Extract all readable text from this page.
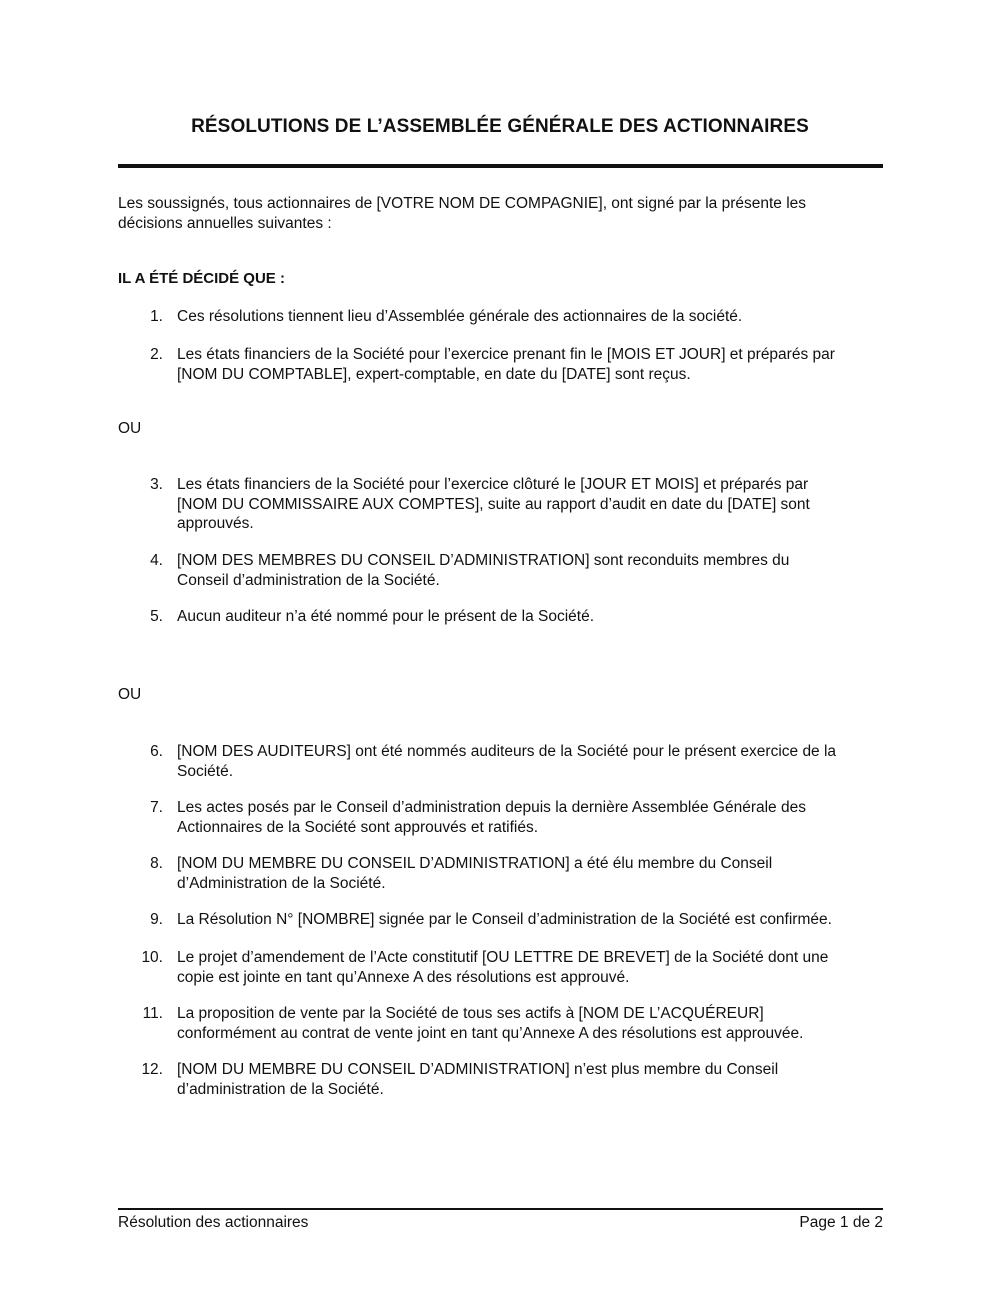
RÉSOLUTIONS DE L’ASSEMBLÉE GÉNÉRALE DES ACTIONNAIRES
Les soussignés, tous actionnaires de [VOTRE NOM DE COMPAGNIE], ont signé par la présente les
décisions annuelles suivantes :
IL A ÉTÉ DÉCIDÉ QUE :
1. Ces résolutions tiennent lieu d’Assemblée générale des actionnaires de la société.
2. Les états financiers de la Société pour l’exercice prenant fin le [MOIS ET JOUR] et préparés par
[NOM DU COMPTABLE], expert-comptable, en date du [DATE] sont reçus.
OU
3. Les états financiers de la Société pour l’exercice clôturé le [JOUR ET MOIS] et préparés par
[NOM DU COMMISSAIRE AUX COMPTES], suite au rapport d’audit en date du [DATE] sont
approuvés.
4. [NOM DES MEMBRES DU CONSEIL D’ADMINISTRATION] sont reconduits membres du
Conseil d’administration de la Société.
5. Aucun auditeur n’a été nommé pour le présent de la Société.
OU
6. [NOM DES AUDITEURS] ont été nommés auditeurs de la Société pour le présent exercice de la
Société.
7. Les actes posés par le Conseil d’administration depuis la dernière Assemblée Générale des
Actionnaires de la Société sont approuvés et ratifiés.
8. [NOM DU MEMBRE DU CONSEIL D’ADMINISTRATION] a été élu membre du Conseil
d’Administration de la Société.
9. La Résolution N° [NOMBRE] signée par le Conseil d’administration de la Société est confirmée.
10. Le projet d’amendement de l’Acte constitutif [OU LETTRE DE BREVET] de la Société dont une
copie est jointe en tant qu’Annexe A des résolutions est approuvé.
11. La proposition de vente par la Société de tous ses actifs à [NOM DE L’ACQUÉREUR]
conformément au contrat de vente joint en tant qu’Annexe A des résolutions est approuvée.
12. [NOM DU MEMBRE DU CONSEIL D’ADMINISTRATION] n’est plus membre du Conseil
d’administration de la Société.
Résolution des actionnaires	Page 1 de 2
